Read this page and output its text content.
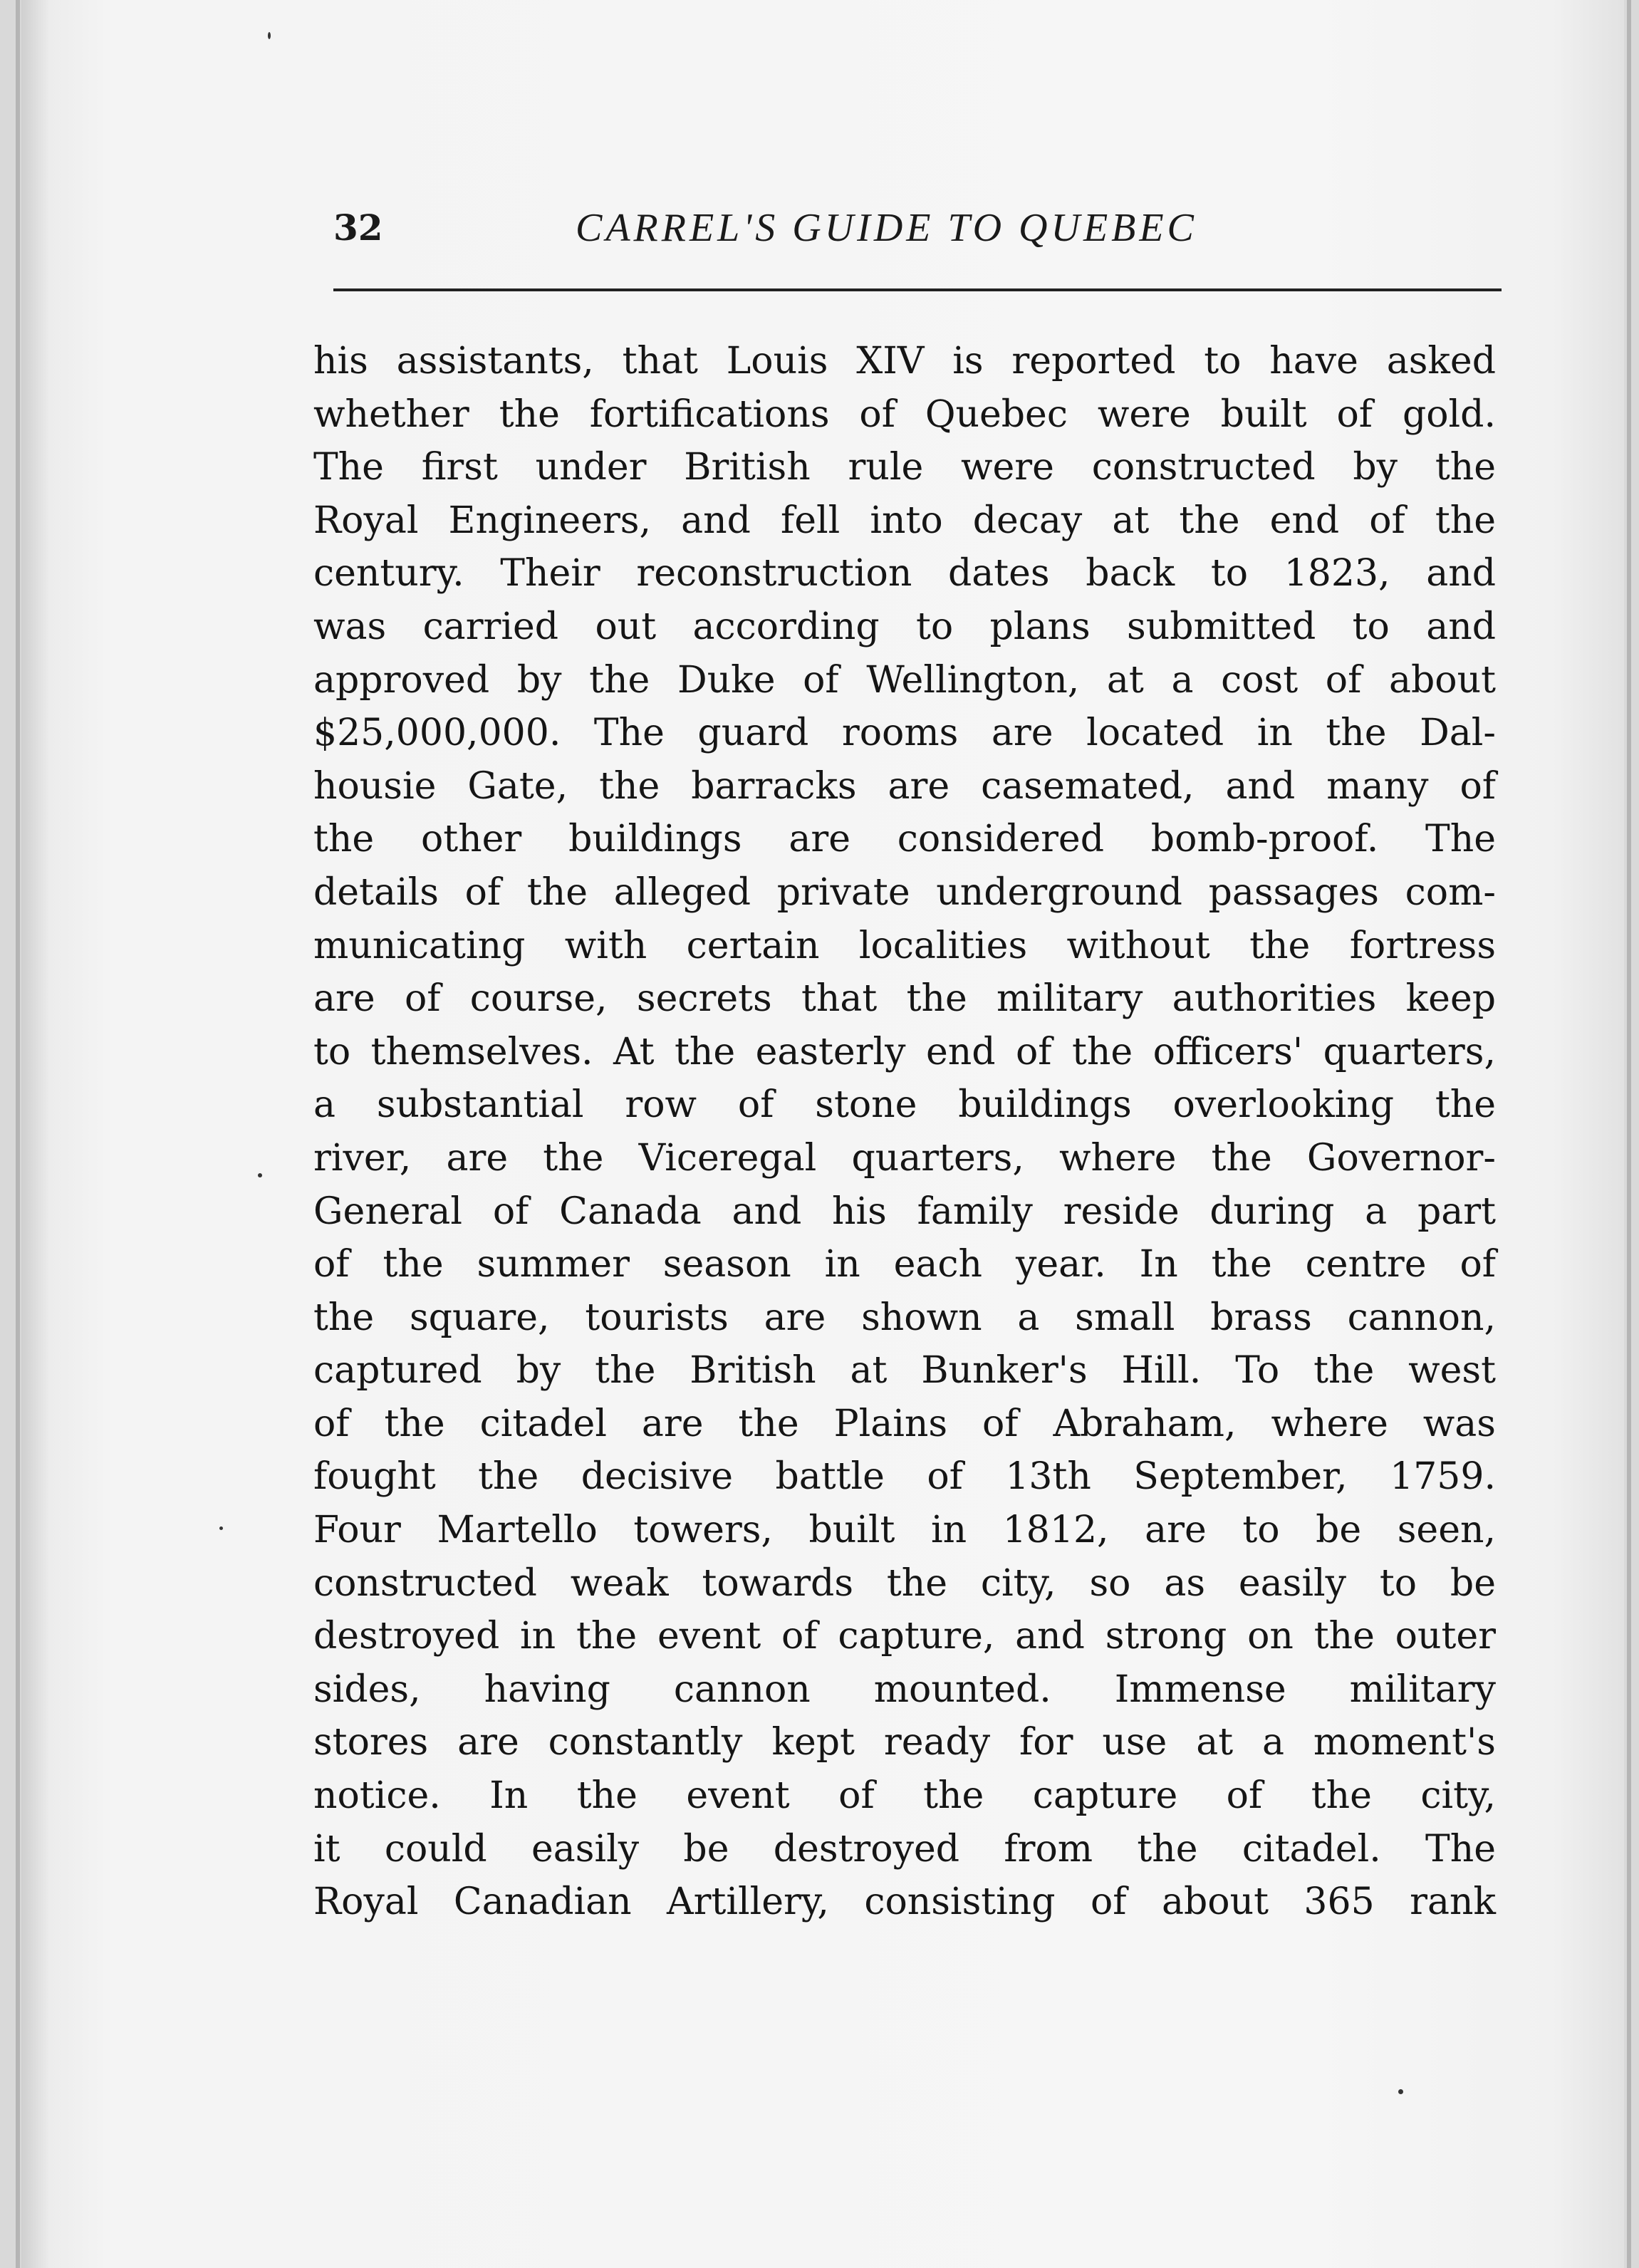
32	CARREL'S GUIDE TO QUEBEC
his assistants, that Louis XIV is reported to have asked
whether the fortifications of Quebec were built of gold.
The first under British rule were constructed by the
Royal Engineers, and fell into decay at the end of the
century. Their reconstruction dates back to 1823, and
was carried out according to plans submitted to and
approved by the Duke of Wellington, at a cost of about
$25,000,000. The guard rooms are located in the Dal-
housie Gate, the barracks are casemated, and many of
the other buildings are considered bomb-proof. The
details of the alleged private underground passages com-
municating with certain localities without the fortress
are of course, secrets that the military authorities keep
to themselves. At the easterly end of the officers' quarters,
a substantial row of stone buildings overlooking the
river, are the Viceregal quarters, where the Governor-
General of Canada and his family reside during a part
of the summer season in each year. In the centre of
the square, tourists are shown a small brass cannon,
captured by the British at Bunker's Hill. To the west
of the citadel are the Plains of Abraham, where was
fought the decisive battle of 13th September, 1759.
Four Martello towers, built in 1812, are to be seen,
constructed weak towards the city, so as easily to be
destroyed in the event of capture, and strong on the outer
sides, having cannon mounted. Immense military
stores are constantly kept ready for use at a moment's
notice. In the event of the capture of the city,
it could easily be destroyed from the citadel. The
Royal Canadian Artillery, consisting of about 365 rank
